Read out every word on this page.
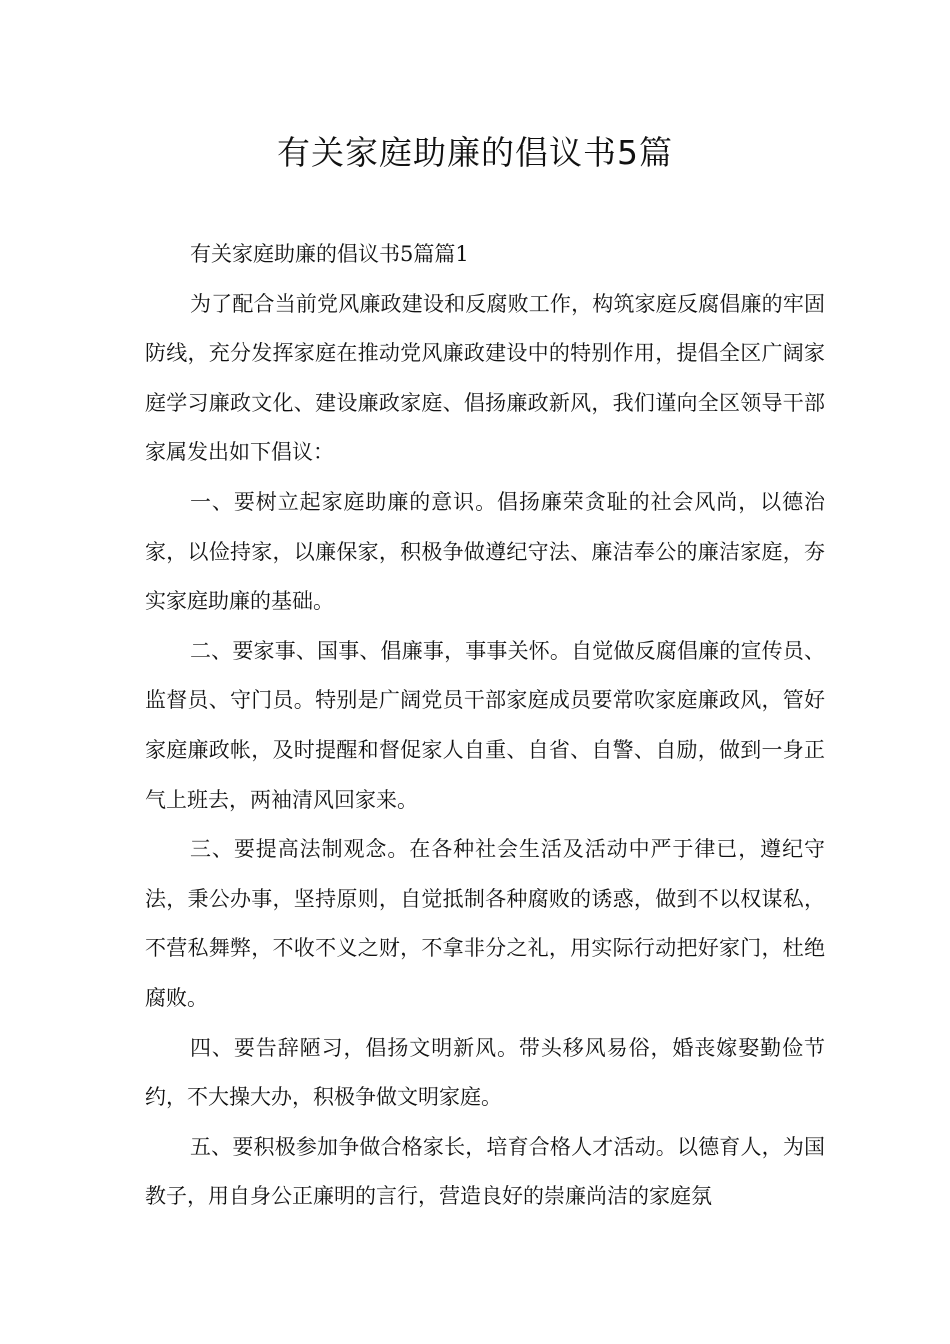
有关家庭助廉的倡议书5篇

有关家庭助廉的倡议书5篇篇1

为了配合当前党风廉政建设和反腐败工作，构筑家庭反腐倡廉的牢固防线，充分发挥家庭在推动党风廉政建设中的特别作用，提倡全区广阔家庭学习廉政文化、建设廉政家庭、倡扬廉政新风，我们谨向全区领导干部家属发出如下倡议：

一、要树立起家庭助廉的意识。倡扬廉荣贪耻的社会风尚，以德治家，以俭持家，以廉保家，积极争做遵纪守法、廉洁奉公的廉洁家庭，夯实家庭助廉的基础。

二、要家事、国事、倡廉事，事事关怀。自觉做反腐倡廉的宣传员、监督员、守门员。特别是广阔党员干部家庭成员要常吹家庭廉政风，管好家庭廉政帐，及时提醒和督促家人自重、自省、自警、自励，做到一身正气上班去，两袖清风回家来。

三、要提高法制观念。在各种社会生活及活动中严于律已，遵纪守法，秉公办事，坚持原则，自觉抵制各种腐败的诱惑，做到不以权谋私，不营私舞弊，不收不义之财，不拿非分之礼，用实际行动把好家门，杜绝腐败。

四、要告辞陋习，倡扬文明新风。带头移风易俗，婚丧嫁娶勤俭节约，不大操大办，积极争做文明家庭。

五、要积极参加争做合格家长，培育合格人才活动。以德育人，为国教子，用自身公正廉明的言行，营造良好的崇廉尚洁的家庭氛
